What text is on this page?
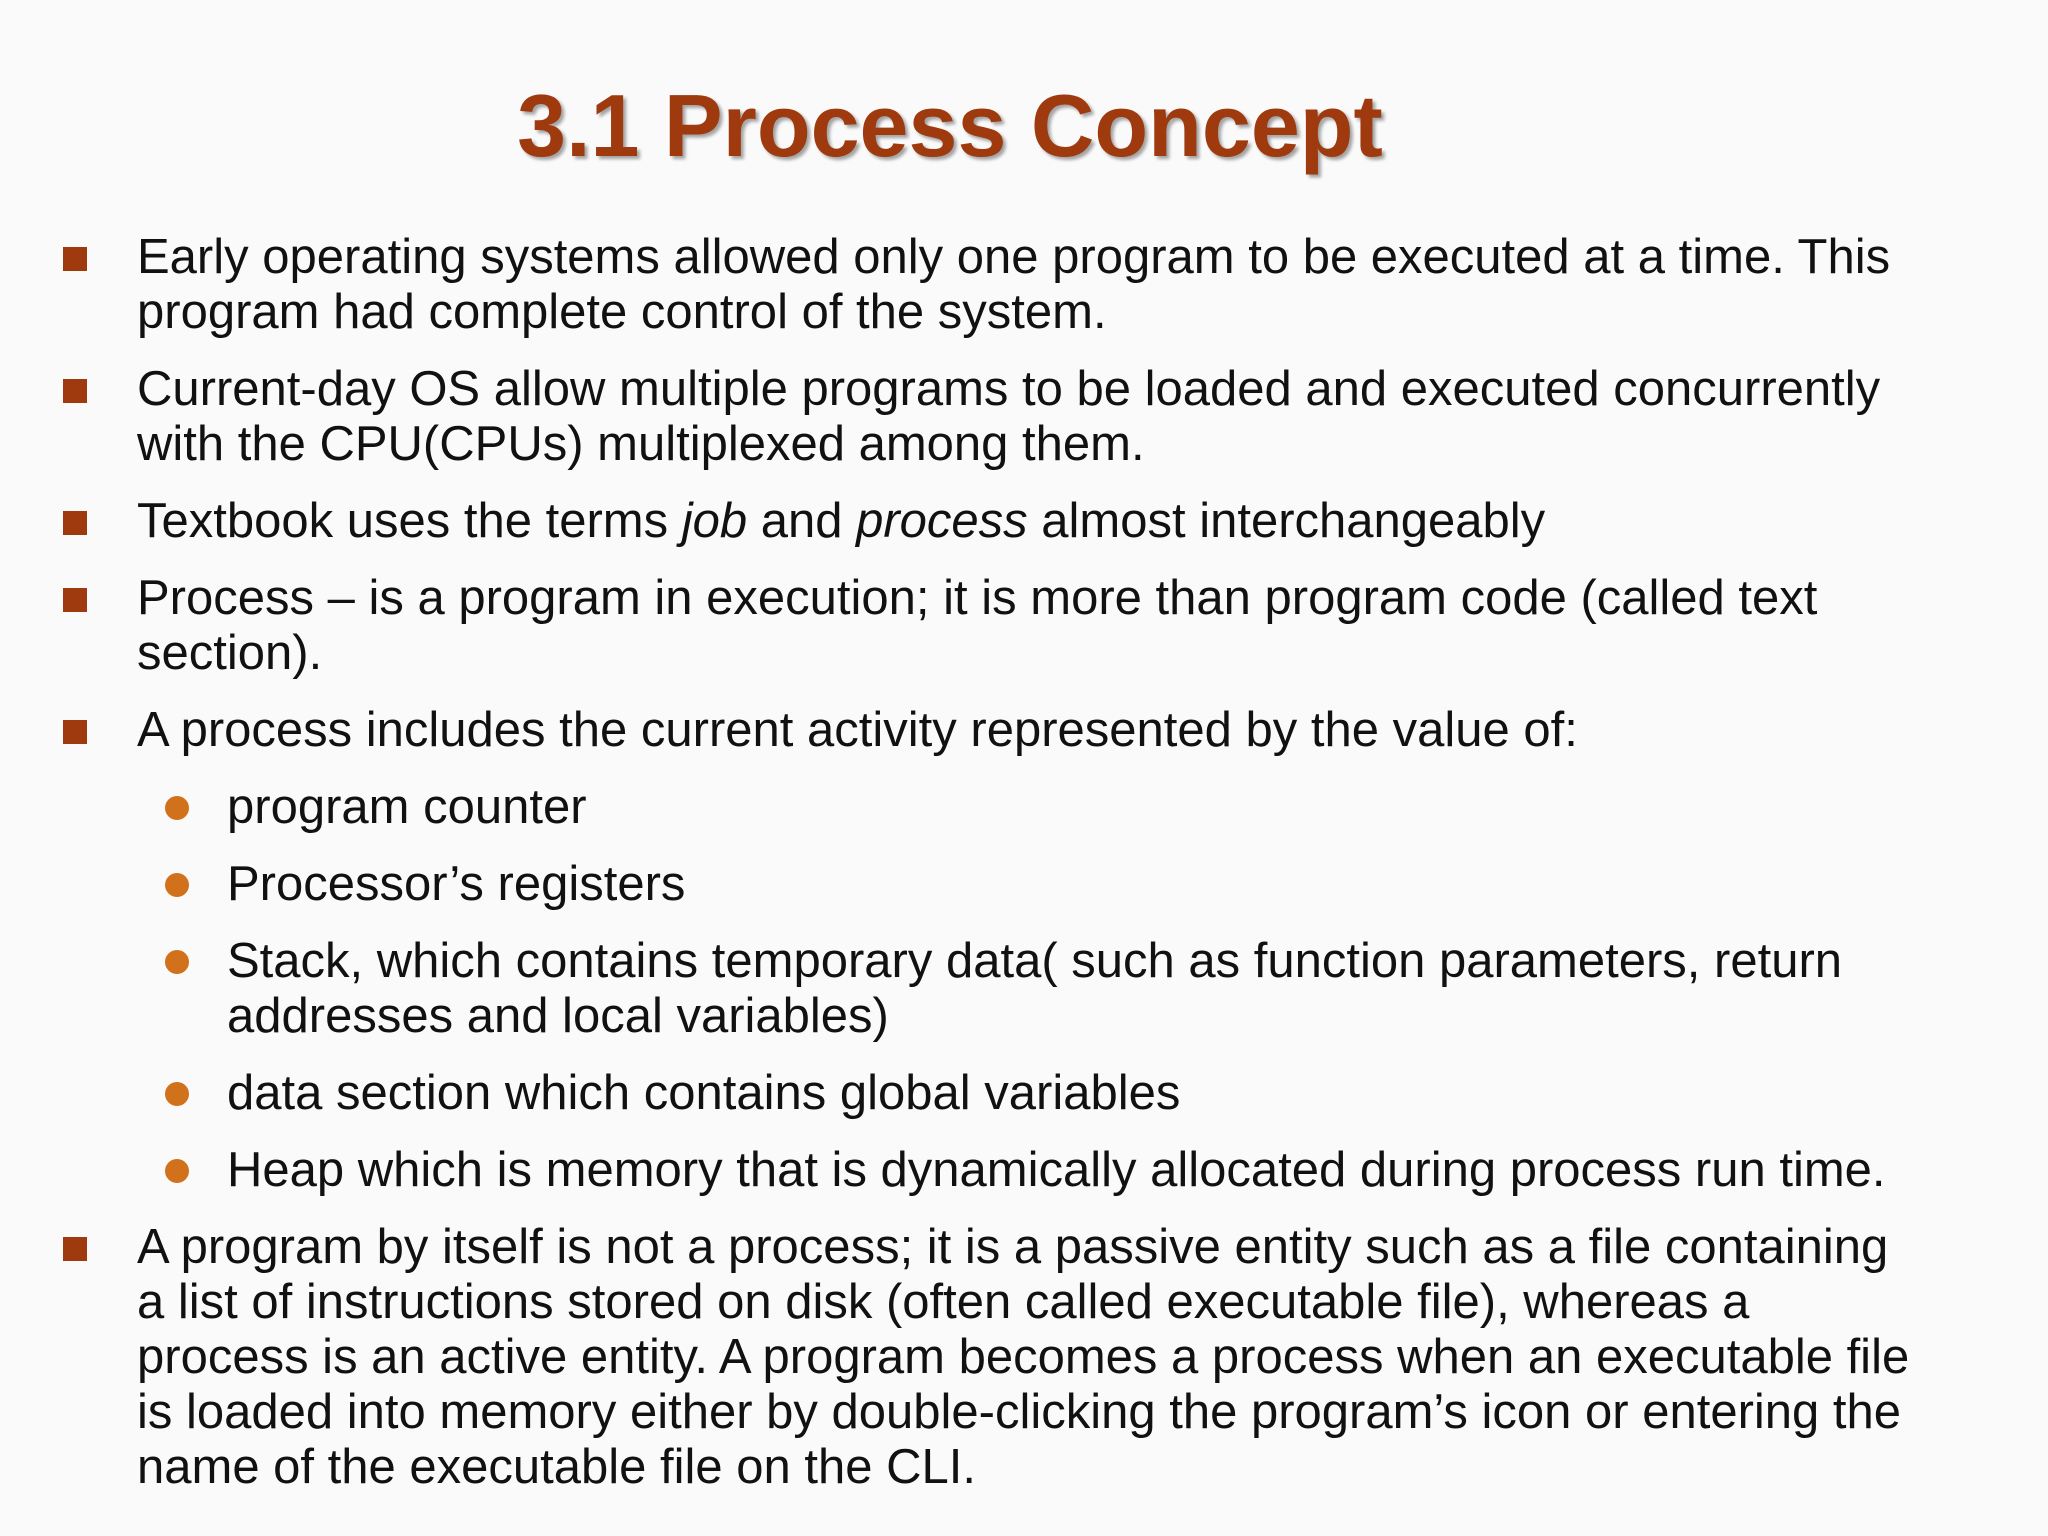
3.1 Process Concept
Early operating systems allowed only one program to be executed at a time. This
program had complete control of the system.
Current-day OS allow multiple programs to be loaded and executed concurrently
with the CPU(CPUs) multiplexed among them.
Textbook uses the terms job and process almost interchangeably
Process – is a program in execution; it is more than program code (called text
section).
A process includes the current activity represented by the value of:
program counter
Processor’s registers
Stack, which contains temporary data( such as function parameters, return
addresses and local variables)
data section which contains global variables
Heap which is memory that is dynamically allocated during process run time.
A program by itself is not a process; it is a passive entity such as a file containing
a list of instructions stored on disk (often called executable file), whereas a
process is an active entity. A program becomes a process when an executable file
is loaded into memory either by double-clicking the program’s icon or entering the
name of the executable file on the CLI.
